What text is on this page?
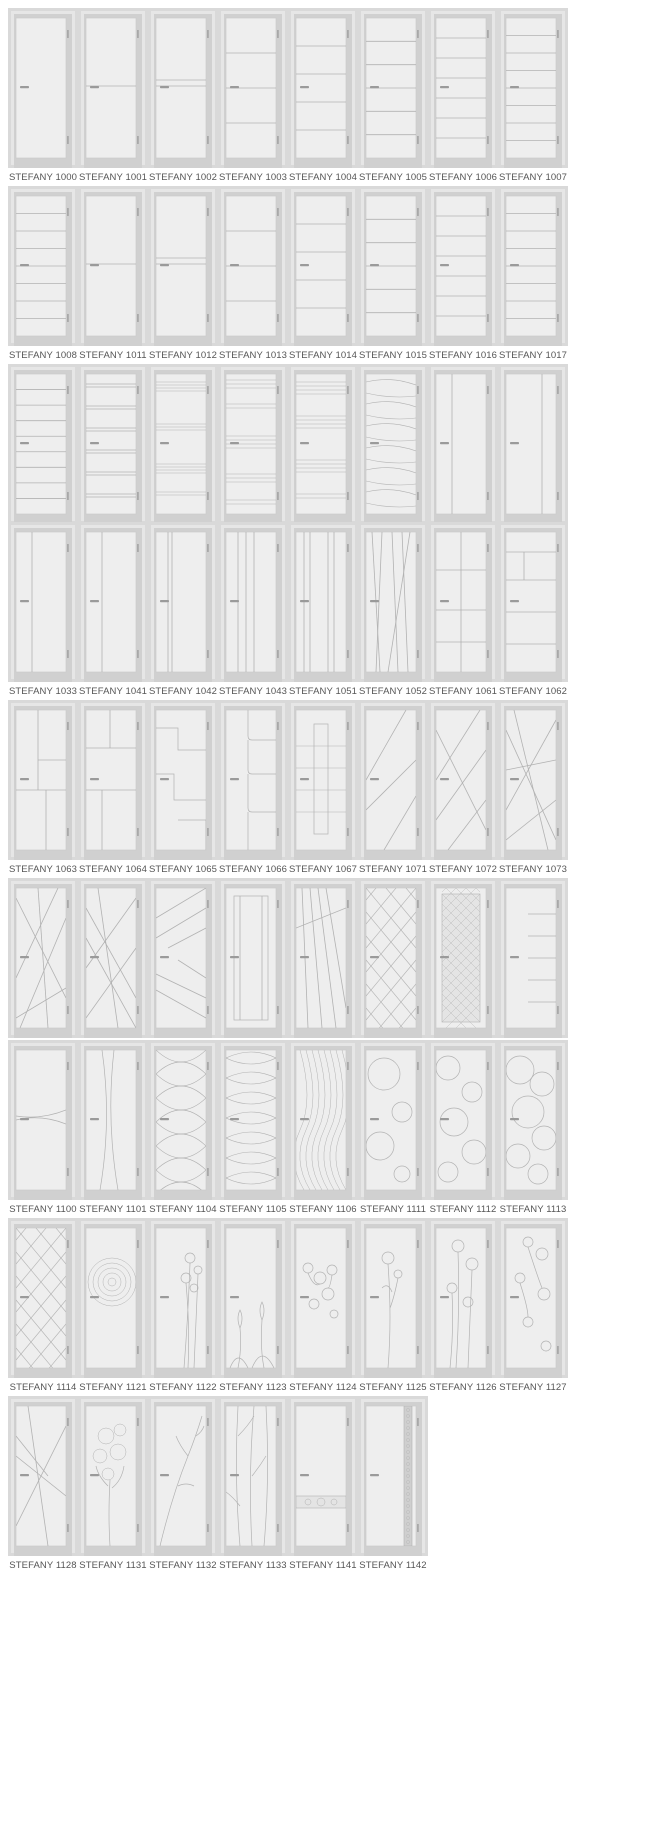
STEFANY 1000 STEFANY 1001 STEFANY 1002 STEFANY 1003 STEFANY 1004 STEFANY 1005 STEFANY 1006 STEFANY 1007
STEFANY 1008 STEFANY 1011 STEFANY 1012 STEFANY 1013 STEFANY 1014 STEFANY 1015 STEFANY 1016 STEFANY 1017
STEFANY 1033 STEFANY 1041 STEFANY 1042 STEFANY 1043 STEFANY 1051 STEFANY 1052 STEFANY 1061 STEFANY 1062
STEFANY 1063 STEFANY 1064 STEFANY 1065 STEFANY 1066 STEFANY 1067 STEFANY 1071 STEFANY 1072 STEFANY 1073
STEFANY 1100 STEFANY 1101 STEFANY 1104 STEFANY 1105 STEFANY 1106 STEFANY 1111 STEFANY 1112 STEFANY 1113
STEFANY 1114 STEFANY 1121 STEFANY 1122 STEFANY 1123 STEFANY 1124 STEFANY 1125 STEFANY 1126 STEFANY 1127
STEFANY 1128 STEFANY 1131 STEFANY 1132 STEFANY 1133 STEFANY 1141 STEFANY 1142
